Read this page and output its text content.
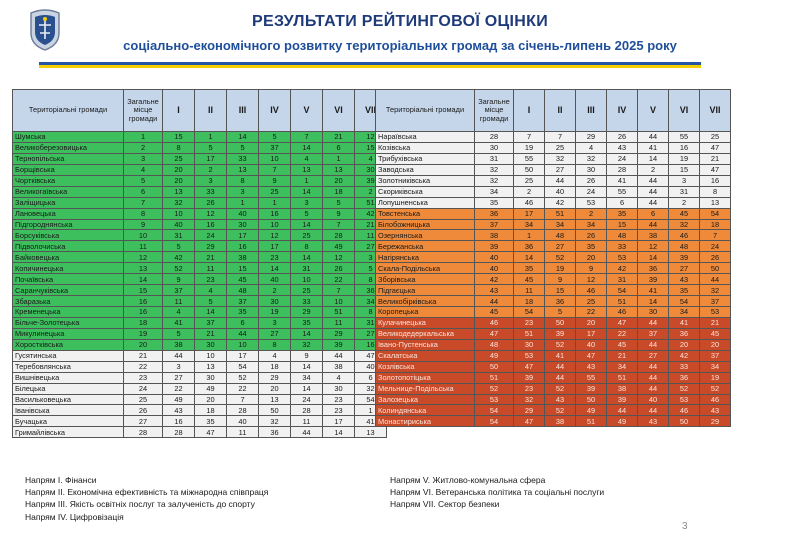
РЕЗУЛЬТАТИ РЕЙТИНГОВОЇ ОЦІНКИ
соціально-економічного розвитку територіальних громад за січень-липень 2025 року
Територіальні громади	Загальне місце громади	I	II	III	IV	V	VI	VII
Шумська	1	15	1	14	5	7	21	12
Великоберезовицька	2	8	5	5	37	14	6	15
Тернопільська	3	25	17	33	10	4	1	4
Борщівська	4	20	2	13	7	13	13	30
Чортківська	5	20	3	8	9	1	20	39
Великогаївська	6	13	33	3	25	14	18	2
Заліщицька	7	32	26	1	1	3	5	51
Лановецька	8	10	12	40	16	5	9	42
Підгороднянська	9	40	16	30	10	14	7	21
Борсуківська	10	31	24	17	12	25	28	11
Підволочиська	11	5	29	16	17	8	49	27
Байковецька	12	42	21	38	23	14	12	3
Копичинецька	13	52	11	15	14	31	26	5
Почаївська	14	9	23	45	40	10	22	8
Саранчуківська	15	37	4	48	2	25	7	36
Збаразька	16	11	5	37	30	33	10	34
Кременецька	16	4	14	35	19	29	51	8
Більче-Золотецька	18	41	37	6	3	35	11	31
Микулинецька	19	5	21	44	27	14	29	27
Хоростківська	20	38	30	10	8	32	39	16
Гусятинська	21	44	10	17	4	9	44	47
Теребовлянська	22	3	13	54	18	14	38	40
Вишнівецька	23	27	30	52	29	34	4	6
Білецька	24	22	49	22	20	14	30	32
Васильковецька	25	49	20	7	13	24	23	54
Іванівська	26	43	18	28	50	28	23	1
Бучацька	27	16	35	40	32	11	17	41
Гримайлівська	28	28	47	11	36	44	14	13
Територіальні громади	Загальне місце громади	I	II	III	IV	V	VI	VII
Нараївська	28	7	7	29	26	44	55	25
Козівська	30	19	25	4	43	41	16	47
Трибухівська	31	55	32	32	24	14	19	21
Заводська	32	50	27	30	28	2	15	47
Золотниківська	32	25	44	26	41	44	3	16
Скориківська	34	2	40	24	55	44	31	8
Лопушненська	35	46	42	53	6	44	2	13
Товстенська	36	17	51	2	35	6	45	54
Білобожницька	37	34	34	34	15	44	32	18
Озернянська	38	1	48	26	48	38	46	7
Бережанська	39	36	27	35	33	12	48	24
Нагірянська	40	14	52	20	53	14	39	26
Скала-Подільська	40	35	19	9	42	36	27	50
Зборівська	42	45	9	12	31	39	43	44
Підгаєцька	43	11	15	46	54	41	35	32
Великобірківська	44	18	36	25	51	14	54	37
Коропецька	45	54	5	22	46	30	34	53
Кулачинецька	46	23	50	20	47	44	41	21
Великодедеркальська	47	51	39	17	22	37	36	45
Івано-Пустенська	48	30	52	40	45	44	20	20
Скалатська	49	53	41	47	21	27	42	37
Козлівська	50	47	44	43	34	44	33	34
Золотопотіцька	51	39	44	55	51	44	36	19
Мельнице-Подільська	52	23	52	39	38	44	52	52
Залозецька	53	32	43	50	39	40	53	46
Колиндянська	54	29	52	49	44	44	46	43
Монастириська	54	47	38	51	49	43	50	29
Напрям I. Фінанси
Напрям II. Економічна ефективність та міжнародна співпраця
Напрям III. Якість освітніх послуг та залученість до спорту
Напрям IV. Цифровізація
Напрям V. Житлово-комунальна сфера
Напрям VI. Ветеранська політика та соціальні послуги
Напрям VII. Сектор безпеки
3
